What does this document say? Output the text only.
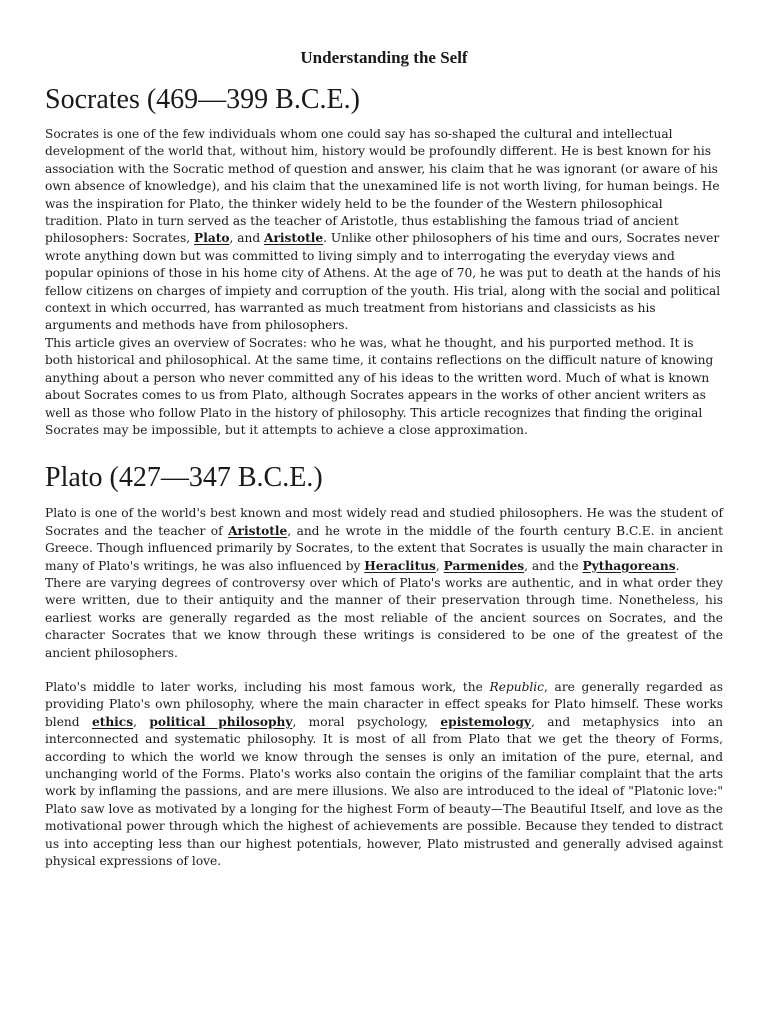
Understanding the Self
Socrates (469—399 B.C.E.)

Socrates is one of the few individuals whom one could say has so-shaped the cultural and intellectual development of the world that, without him, history would be profoundly different. He is best known for his association with the Socratic method of question and answer, his claim that he was ignorant (or aware of his own absence of knowledge), and his claim that the unexamined life is not worth living, for human beings. He was the inspiration for Plato, the thinker widely held to be the founder of the Western philosophical tradition. Plato in turn served as the teacher of Aristotle, thus establishing the famous triad of ancient philosophers: Socrates, Plato, and Aristotle. Unlike other philosophers of his time and ours, Socrates never wrote anything down but was committed to living simply and to interrogating the everyday views and popular opinions of those in his home city of Athens. At the age of 70, he was put to death at the hands of his fellow citizens on charges of impiety and corruption of the youth. His trial, along with the social and political context in which occurred, has warranted as much treatment from historians and classicists as his arguments and methods have from philosophers.

This article gives an overview of Socrates: who he was, what he thought, and his purported method. It is both historical and philosophical. At the same time, it contains reflections on the difficult nature of knowing anything about a person who never committed any of his ideas to the written word. Much of what is known about Socrates comes to us from Plato, although Socrates appears in the works of other ancient writers as well as those who follow Plato in the history of philosophy. This article recognizes that finding the original Socrates may be impossible, but it attempts to achieve a close approximation.

Plato (427—347 B.C.E.)

Plato is one of the world's best known and most widely read and studied philosophers. He was the student of Socrates and the teacher of Aristotle, and he wrote in the middle of the fourth century B.C.E. in ancient Greece. Though influenced primarily by Socrates, to the extent that Socrates is usually the main character in many of Plato's writings, he was also influenced by Heraclitus, Parmenides, and the Pythagoreans.

There are varying degrees of controversy over which of Plato's works are authentic, and in what order they were written, due to their antiquity and the manner of their preservation through time. Nonetheless, his earliest works are generally regarded as the most reliable of the ancient sources on Socrates, and the character Socrates that we know through these writings is considered to be one of the greatest of the ancient philosophers.

Plato's middle to later works, including his most famous work, the Republic, are generally regarded as providing Plato's own philosophy, where the main character in effect speaks for Plato himself. These works blend ethics, political philosophy, moral psychology, epistemology, and metaphysics into an interconnected and systematic philosophy. It is most of all from Plato that we get the theory of Forms, according to which the world we know through the senses is only an imitation of the pure, eternal, and unchanging world of the Forms. Plato's works also contain the origins of the familiar complaint that the arts work by inflaming the passions, and are mere illusions. We also are introduced to the ideal of "Platonic love:" Plato saw love as motivated by a longing for the highest Form of beauty—The Beautiful Itself, and love as the motivational power through which the highest of achievements are possible. Because they tended to distract us into accepting less than our highest potentials, however, Plato mistrusted and generally advised against physical expressions of love.
